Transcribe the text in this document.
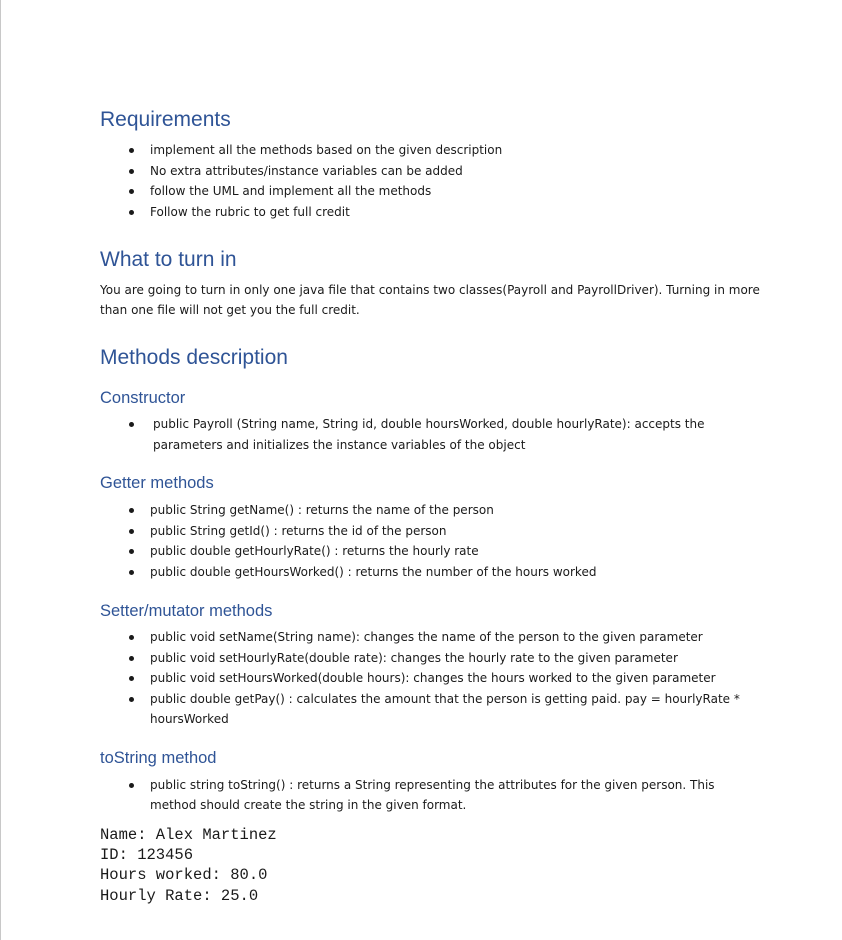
Requirements
implement all the methods based on the given description
No extra attributes/instance variables can be added
follow the UML and implement all the methods
Follow the rubric to get full credit
What to turn in

You are going to turn in only one java file that contains two classes(Payroll and PayrollDriver). Turning in more than one file will not get you the full credit.

Methods description
Constructor
public Payroll (String name, String id, double hoursWorked, double hourlyRate): accepts the parameters and initializes the instance variables of the object
Getter methods
public String getName() : returns the name of the person
public String getId() : returns the id of the person
public double getHourlyRate() : returns the hourly rate
public double getHoursWorked() : returns the number of the hours worked
Setter/mutator methods
public void setName(String name): changes the name of the person to the given parameter
public void setHourlyRate(double rate): changes the hourly rate to the given parameter
public void setHoursWorked(double hours): changes the hours worked to the given parameter
public double getPay() : calculates the amount that the person is getting paid. pay = hourlyRate * hoursWorked
toString method
public string toString() : returns a String representing the attributes for the given person. This method should create the string in the given format.
Name: Alex Martinez
ID: 123456
Hours worked: 80.0
Hourly Rate: 25.0
